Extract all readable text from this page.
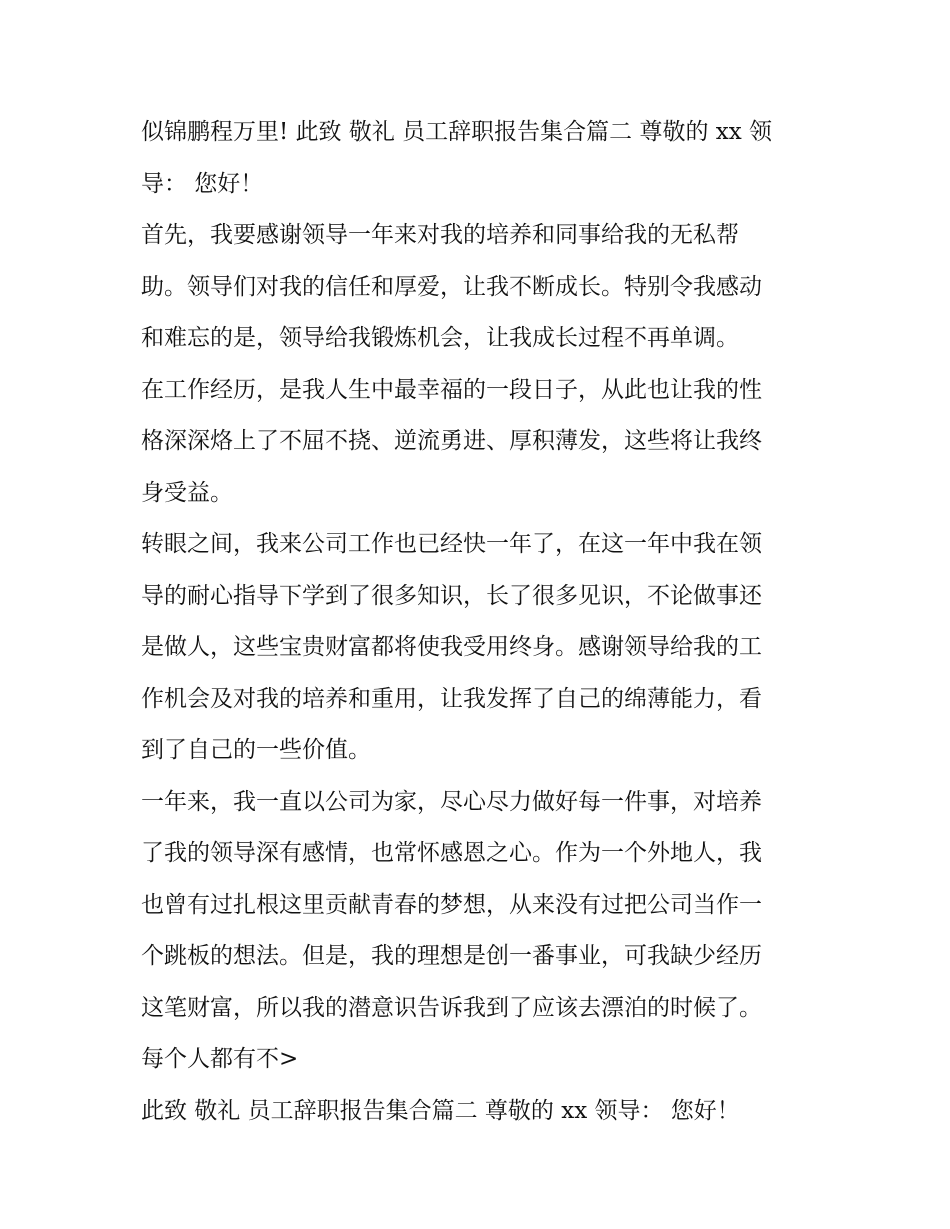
似锦鹏程万里! 此致 敬礼 员工辞职报告集合篇二 尊敬的 xx 领
导： 您好！
首先，我要感谢领导一年来对我的培养和同事给我的无私帮
助。领导们对我的信任和厚爱，让我不断成长。特别令我感动
和难忘的是，领导给我锻炼机会，让我成长过程不再单调。
在工作经历，是我人生中最幸福的一段日子，从此也让我的性
格深深烙上了不屈不挠、逆流勇进、厚积薄发，这些将让我终
身受益。
转眼之间，我来公司工作也已经快一年了，在这一年中我在领
导的耐心指导下学到了很多知识，长了很多见识，不论做事还
是做人，这些宝贵财富都将使我受用终身。感谢领导给我的工
作机会及对我的培养和重用，让我发挥了自己的绵薄能力，看
到了自己的一些价值。
一年来，我一直以公司为家，尽心尽力做好每一件事，对培养
了我的领导深有感情，也常怀感恩之心。作为一个外地人，我
也曾有过扎根这里贡献青春的梦想，从来没有过把公司当作一
个跳板的想法。但是，我的理想是创一番事业，可我缺少经历
这笔财富，所以我的潜意识告诉我到了应该去漂泊的时候了。
每个人都有不>
此致 敬礼 员工辞职报告集合篇二 尊敬的 xx 领导： 您好！
